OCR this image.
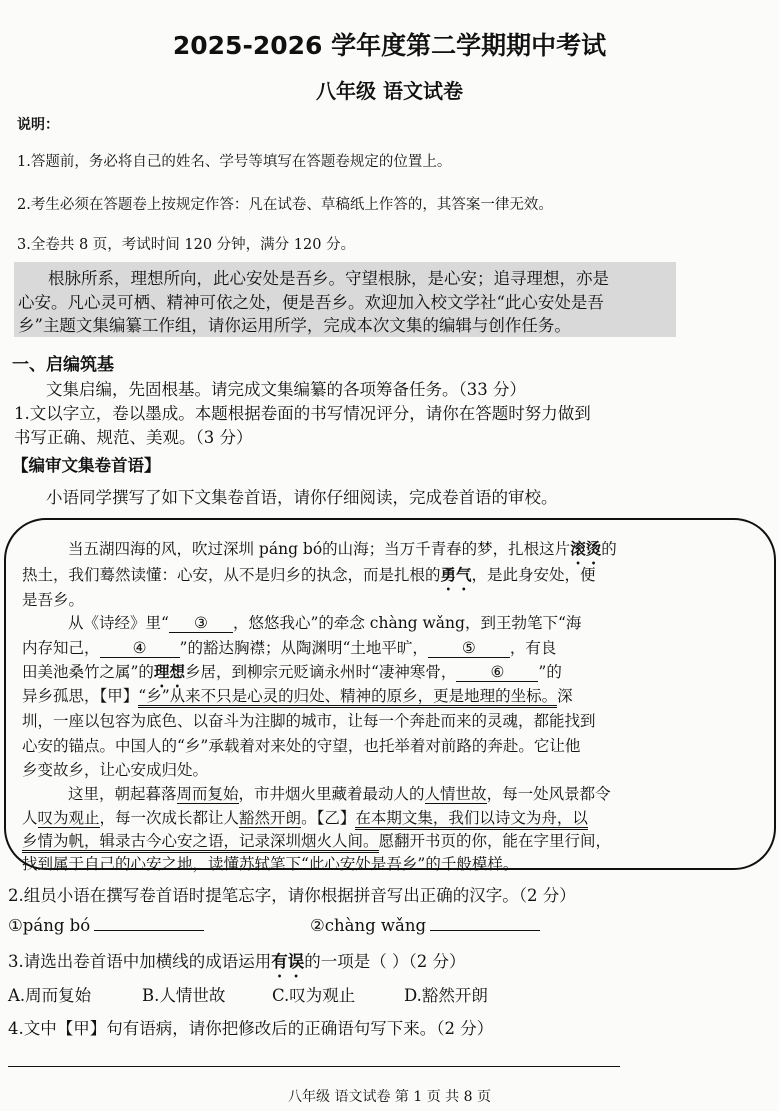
2025-2026 学年度第二学期期中考试
八年级 语文试卷
说明：
1.答题前，务必将自己的姓名、学号等填写在答题卷规定的位置上。
2.考生必须在答题卷上按规定作答：凡在试卷、草稿纸上作答的，其答案一律无效。
3.全卷共 8 页，考试时间 120 分钟，满分 120 分。
根脉所系，理想所向，此心安处是吾乡。守望根脉，是心安；追寻理想，亦是
心安。凡心灵可栖、精神可依之处，便是吾乡。欢迎加入校文学社“此心安处是吾
乡”主题文集编纂工作组，请你运用所学，完成本次文集的编辑与创作任务。
一、启编筑基
文集启编，先固根基。请完成文集编纂的各项筹备任务。（33 分）
1.文以字立，卷以墨成。本题根据卷面的书写情况评分，请你在答题时努力做到
书写正确、规范、美观。（3 分）
【编审文集卷首语】
小语同学撰写了如下文集卷首语，请你仔细阅读，完成卷首语的审校。
当五湖四海的风，吹过深圳 páng bó的山海；当万千青春的梦，扎根这片滚烫的
热土，我们蓦然读懂：心安，从不是归乡的执念，而是扎根的勇气，是此身安处，便
是吾乡。
从《诗经》里“ ③ ，悠悠我心”的牵念 chàng wǎng，到王勃笔下“海
内存知己， ④ ”的豁达胸襟；从陶渊明“土地平旷， ⑤ ，有良
田美池桑竹之属”的理想乡居，到柳宗元贬谪永州时“凄神寒骨， ⑥ ”的
异乡孤思，【甲】“乡”从来不只是心灵的归处、精神的原乡，更是地理的坐标。深
圳，一座以包容为底色、以奋斗为注脚的城市，让每一个奔赴而来的灵魂，都能找到
心安的锚点。中国人的“乡”承载着对来处的守望，也托举着对前路的奔赴。它让他
乡变故乡，让心安成归处。
这里，朝起暮落周而复始，市井烟火里藏着最动人的人情世故，每一处风景都令
人叹为观止，每一次成长都让人豁然开朗。【乙】在本期文集，我们以诗文为舟，以
乡情为帆，辑录古今心安之语，记录深圳烟火人间。愿翻开书页的你，能在字里行间，
找到属于自己的心安之地，读懂苏轼笔下“此心安处是吾乡”的千般模样。
2.组员小语在撰写卷首语时提笔忘字，请你根据拼音写出正确的汉字。（2 分）
①páng bó	②chàng wǎng
3.请选出卷首语中加横线的成语运用有误的一项是（ ）（2 分）
A.周而复始	B.人情世故	C.叹为观止	D.豁然开朗
4.文中【甲】句有语病，请你把修改后的正确语句写下来。（2 分）
八年级 语文试卷 第 1 页 共 8 页
